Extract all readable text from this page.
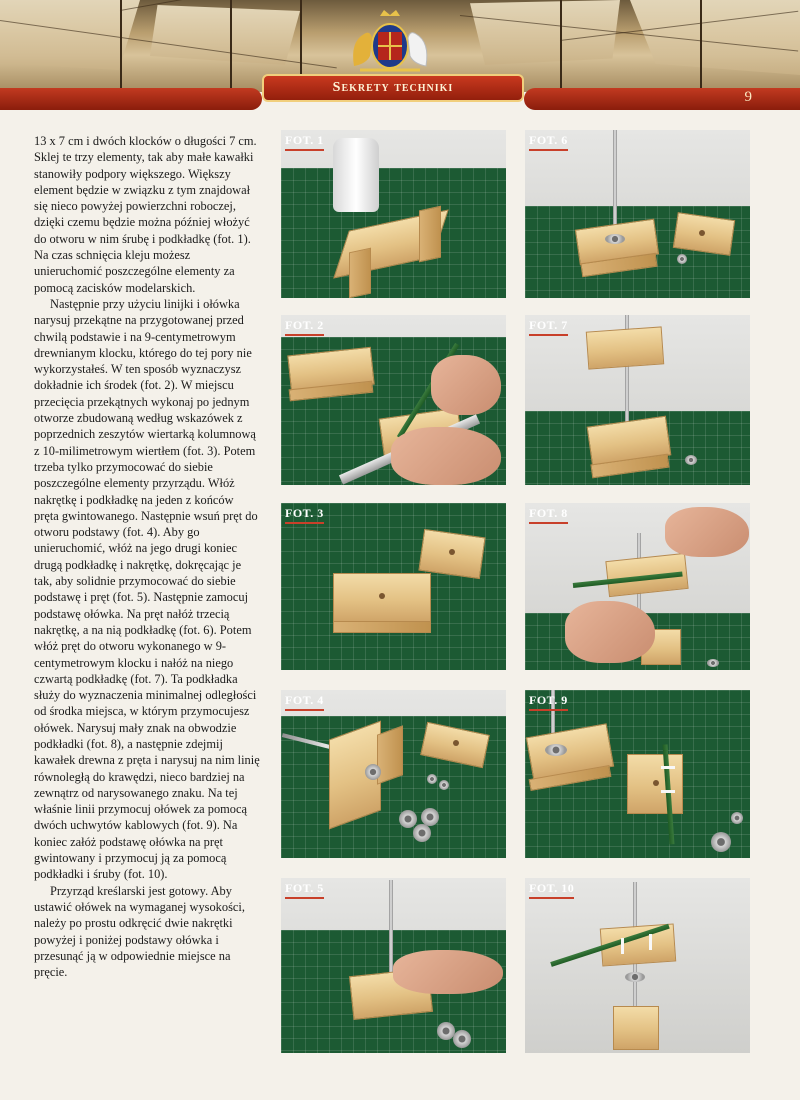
Sekrety techniki
9

13 x 7 cm i dwóch klocków o długości 7 cm. Sklej te trzy elementy, tak aby małe kawałki stanowiły podpory większego. Większy element będzie w związku z tym znajdował się nieco powyżej powierzchni roboczej, dzięki czemu będzie można później włożyć do otworu w nim śrubę i podkładkę (fot. 1). Na czas schnięcia kleju możesz unieruchomić poszczególne elementy za pomocą zacisków modelarskich.

Następnie przy użyciu linijki i ołówka narysuj przekątne na przygotowanej przed chwilą podstawie i na 9-centymetrowym drewnianym klocku, którego do tej pory nie wykorzystałeś. W ten sposób wyznaczysz dokładnie ich środek (fot. 2). W miejscu przecięcia przekątnych wykonaj po jednym otworze zbudowaną według wskazówek z poprzednich zeszytów wiertarką kolumnową z 10-milimetrowym wiertłem (fot. 3). Potem trzeba tylko przymocować do siebie poszczególne elementy przyrządu. Włóż nakrętkę i podkładkę na jeden z końców pręta gwintowanego. Następnie wsuń pręt do otworu podstawy (fot. 4). Aby go unieruchomić, włóż na jego drugi koniec drugą podkładkę i nakrętkę, dokręcając je tak, aby solidnie przymocować do siebie podstawę i pręt (fot. 5). Następnie zamocuj podstawę ołówka. Na pręt nałóż trzecią nakrętkę, a na nią podkładkę (fot. 6). Potem włóż pręt do otworu wykonanego w 9-centymetrowym klocku i nałóż na niego czwartą podkładkę (fot. 7). Ta podkładka służy do wyznaczenia minimalnej odległości od środka miejsca, w którym przymocujesz ołówek. Narysuj mały znak na obwodzie podkładki (fot. 8), a następnie zdejmij kawałek drewna z pręta i narysuj na nim linię równoległą do krawędzi, nieco bardziej na zewnątrz od narysowanego znaku. Na tej właśnie linii przymocuj ołówek za pomocą dwóch uchwytów kablowych (fot. 9). Na koniec załóż podstawę ołówka na pręt gwintowany i przymocuj ją za pomocą podkładki i śruby (fot. 10).

Przyrząd kreślarski jest gotowy. Aby ustawić ołówek na wymaganej wysokości, należy po prostu odkręcić dwie nakrętki powyżej i poniżej podstawy ołówka i przesunąć ją w odpowiednie miejsce na pręcie.

FOT. 1
FOT. 2
FOT. 3
FOT. 4
FOT. 5
FOT. 6
FOT. 7
FOT. 8
FOT. 9
FOT. 10
